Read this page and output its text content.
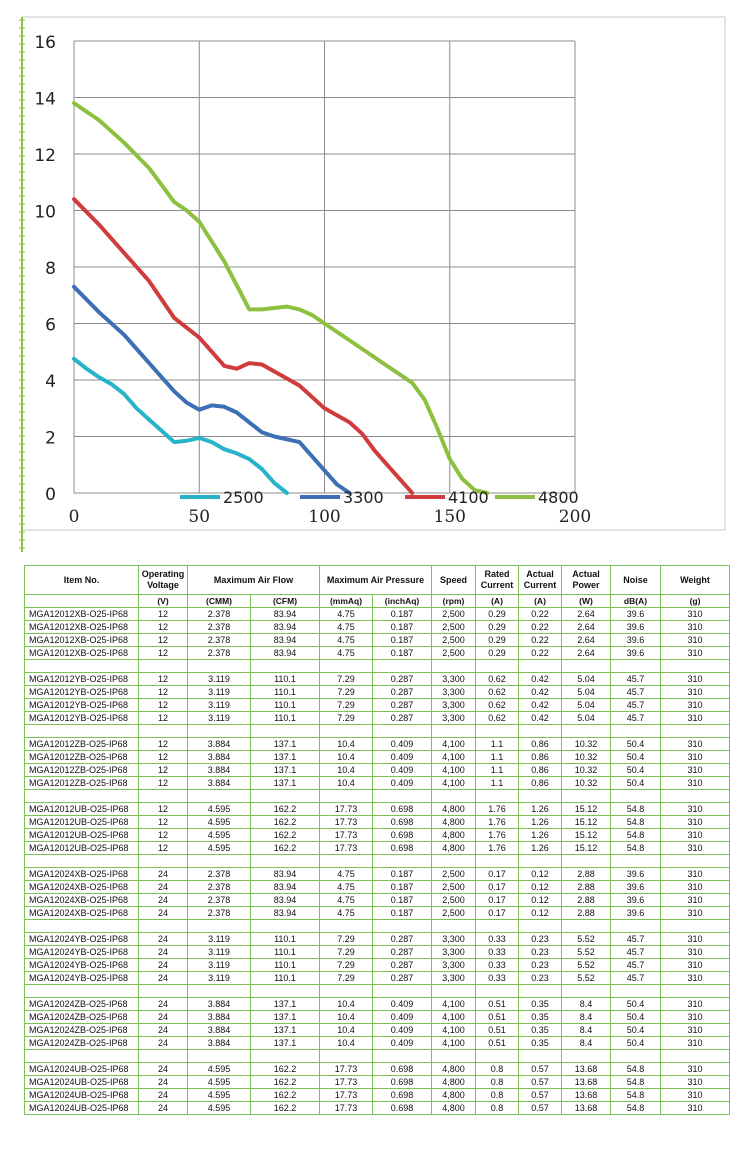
0
2
4
6
8
10
12
14
16
0	50	100	150	200
2500	3300	4100	4800
Item No.	Operating Voltage	Maximum Air Flow		Maximum Air Pressure		Speed	Rated Current	Actual Current	Actual Power	Noise	Weight
	(V)	(CMM)	(CFM)	(mmAq)	(inchAq)	(rpm)	(A)	(A)	(W)	dB(A)	(g)
MGA12012XB-O25-IP68	12	2.378	83.94	4.75	0.187	2,500	0.29	0.22	2.64	39.6	310
MGA12012XB-O25-IP68	12	2.378	83.94	4.75	0.187	2,500	0.29	0.22	2.64	39.6	310
MGA12012XB-O25-IP68	12	2.378	83.94	4.75	0.187	2,500	0.29	0.22	2.64	39.6	310
MGA12012XB-O25-IP68	12	2.378	83.94	4.75	0.187	2,500	0.29	0.22	2.64	39.6	310

MGA12012YB-O25-IP68	12	3.119	110.1	7.29	0.287	3,300	0.62	0.42	5.04	45.7	310
MGA12012YB-O25-IP68	12	3.119	110.1	7.29	0.287	3,300	0.62	0.42	5.04	45.7	310
MGA12012YB-O25-IP68	12	3.119	110.1	7.29	0.287	3,300	0.62	0.42	5.04	45.7	310
MGA12012YB-O25-IP68	12	3.119	110.1	7.29	0.287	3,300	0.62	0.42	5.04	45.7	310

MGA12012ZB-O25-IP68	12	3.884	137.1	10.4	0.409	4,100	1.1	0.86	10.32	50.4	310
MGA12012ZB-O25-IP68	12	3.884	137.1	10.4	0.409	4,100	1.1	0.86	10.32	50.4	310
MGA12012ZB-O25-IP68	12	3.884	137.1	10.4	0.409	4,100	1.1	0.86	10.32	50.4	310
MGA12012ZB-O25-IP68	12	3.884	137.1	10.4	0.409	4,100	1.1	0.86	10.32	50.4	310

MGA12012UB-O25-IP68	12	4.595	162.2	17.73	0.698	4,800	1.76	1.26	15.12	54.8	310
MGA12012UB-O25-IP68	12	4.595	162.2	17.73	0.698	4,800	1.76	1.26	15.12	54.8	310
MGA12012UB-O25-IP68	12	4.595	162.2	17.73	0.698	4,800	1.76	1.26	15.12	54.8	310
MGA12012UB-O25-IP68	12	4.595	162.2	17.73	0.698	4,800	1.76	1.26	15.12	54.8	310

MGA12024XB-O25-IP68	24	2.378	83.94	4.75	0.187	2,500	0.17	0.12	2.88	39.6	310
MGA12024XB-O25-IP68	24	2.378	83.94	4.75	0.187	2,500	0.17	0.12	2.88	39.6	310
MGA12024XB-O25-IP68	24	2.378	83.94	4.75	0.187	2,500	0.17	0.12	2.88	39.6	310
MGA12024XB-O25-IP68	24	2.378	83.94	4.75	0.187	2,500	0.17	0.12	2.88	39.6	310

MGA12024YB-O25-IP68	24	3.119	110.1	7.29	0.287	3,300	0.33	0.23	5.52	45.7	310
MGA12024YB-O25-IP68	24	3.119	110.1	7.29	0.287	3,300	0.33	0.23	5.52	45.7	310
MGA12024YB-O25-IP68	24	3.119	110.1	7.29	0.287	3,300	0.33	0.23	5.52	45.7	310
MGA12024YB-O25-IP68	24	3.119	110.1	7.29	0.287	3,300	0.33	0.23	5.52	45.7	310

MGA12024ZB-O25-IP68	24	3.884	137.1	10.4	0.409	4,100	0.51	0.35	8.4	50.4	310
MGA12024ZB-O25-IP68	24	3.884	137.1	10.4	0.409	4,100	0.51	0.35	8.4	50.4	310
MGA12024ZB-O25-IP68	24	3.884	137.1	10.4	0.409	4,100	0.51	0.35	8.4	50.4	310
MGA12024ZB-O25-IP68	24	3.884	137.1	10.4	0.409	4,100	0.51	0.35	8.4	50.4	310

MGA12024UB-O25-IP68	24	4.595	162.2	17.73	0.698	4,800	0.8	0.57	13.68	54.8	310
MGA12024UB-O25-IP68	24	4.595	162.2	17.73	0.698	4,800	0.8	0.57	13.68	54.8	310
MGA12024UB-O25-IP68	24	4.595	162.2	17.73	0.698	4,800	0.8	0.57	13.68	54.8	310
MGA12024UB-O25-IP68	24	4.595	162.2	17.73	0.698	4,800	0.8	0.57	13.68	54.8	310
